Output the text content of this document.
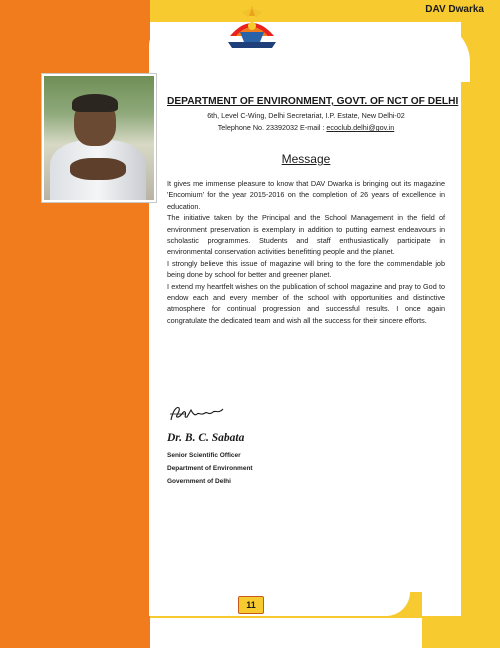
DAV Dwarka
DEPARTMENT OF ENVIRONMENT, GOVT. OF NCT OF DELHI
6th, Level C-Wing, Delhi Secretariat, I.P. Estate, New Delhi-02
Telephone No. 23392032 E-mail : ecoclub.delhi@gov.in
Message

It gives me immense pleasure to know that DAV Dwarka is bringing out its magazine 'Encomium' for the year 2015-2016 on the completion of 26 years of excellence in education.

The initiative taken by the Principal and the School Management in the field of environment preservation is exemplary in addition to putting earnest endeavours in scholastic programmes. Students and staff enthusiastically participate in environmental conservation activities benefitting people and the planet.

I strongly believe this issue of magazine will bring to the fore the commendable job being done by school for better and greener planet.

I extend my heartfelt wishes on the publication of school magazine and pray to God to endow each and every member of the school with opportunities and distinctive atmosphere for continual progression and successful results. I once again congratulate the dedicated team and wish all the success for their sincere efforts.

Dr. B. C. Sabata
Senior Scientific Officer
Department of Environment
Government of Delhi
11
